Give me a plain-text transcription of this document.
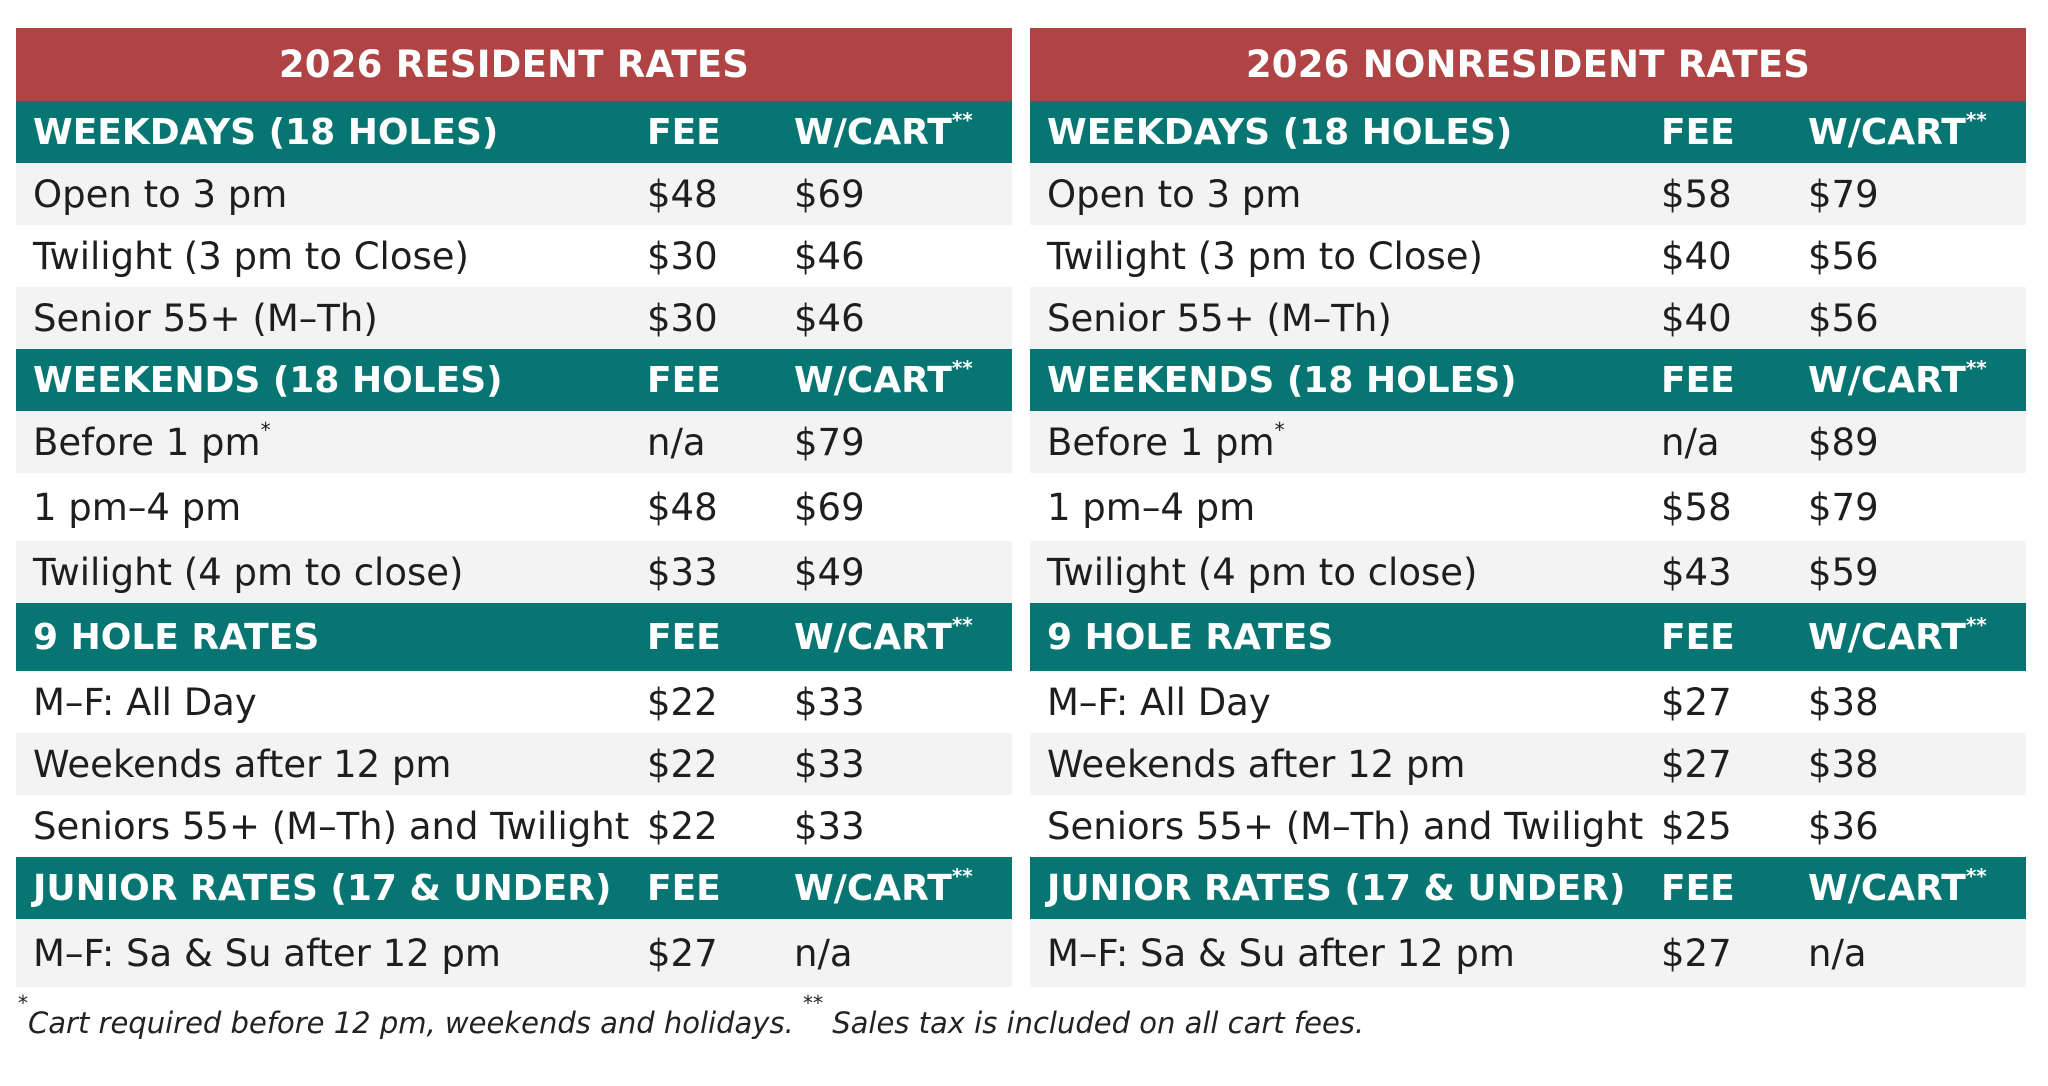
2026 RESIDENT RATES
WEEKDAYS (18 HOLES)	FEE W/CART**
Open to 3 pm	$48 $69
Twilight (3 pm to Close)	$30 $46
Senior 55+ (M–Th)	$30 $46
WEEKENDS (18 HOLES)	FEE W/CART**
Before 1 pm*	n/a $79
1 pm–4 pm	$48 $69
Twilight (4 pm to close)	$33 $49
9 HOLE RATES	FEE W/CART**
M–F: All Day	$22 $33
Weekends after 12 pm	$22 $33
Seniors 55+ (M–Th) and Twilight $22 $33
JUNIOR RATES (17 & UNDER) FEE W/CART**
M–F: Sa & Su after 12 pm	$27 n/a
2026 NONRESIDENT RATES
WEEKDAYS (18 HOLES)	FEE W/CART**
Open to 3 pm	$58 $79
Twilight (3 pm to Close)	$40 $56
Senior 55+ (M–Th)	$40 $56
WEEKENDS (18 HOLES)	FEE W/CART**
Before 1 pm*	n/a $89
1 pm–4 pm	$58 $79
Twilight (4 pm to close)	$43 $59
9 HOLE RATES	FEE W/CART**
M–F: All Day	$27 $38
Weekends after 12 pm	$27 $38
Seniors 55+ (M–Th) and Twilight $25 $36
JUNIOR RATES (17 & UNDER) FEE W/CART**
M–F: Sa & Su after 12 pm	$27 n/a
*Cart required before 12 pm, weekends and holidays. ** Sales tax is included on all cart fees.
